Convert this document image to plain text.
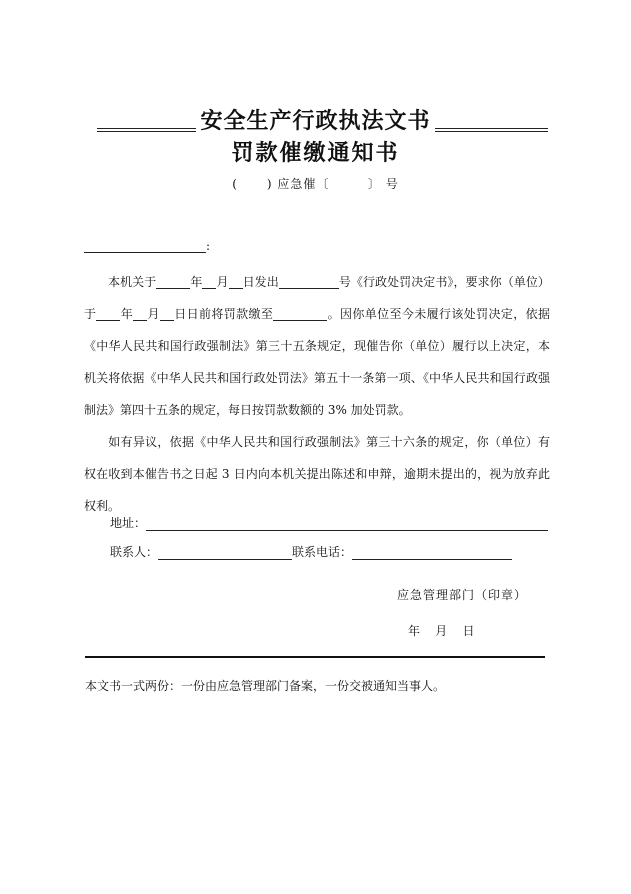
安全生产行政执法文书
罚款催缴通知书
(      ) 应急催〔        〕 号
:
本机关于	年 月 日发出	号《行政处罚决定书》，要求你（单位）于 年 月 日日前将罚款缴至	。因你单位至今未履行该处罚决定，依据《中华人民共和国行政强制法》第三十五条规定，现催告你（单位）履行以上决定，本机关将依据《中华人民共和国行政处罚法》第五十一条第一项、《中华人民共和国行政强制法》第四十五条的规定，每日按罚款数额的 3% 加处罚款。
如有异议，依据《中华人民共和国行政强制法》第三十六条的规定，你（单位）有权在收到本催告书之日起 3 日内向本机关提出陈述和申辩，逾期未提出的，视为放弃此权利。
地址：
联系人：	联系电话：
应急管理部门（印章）
年    月    日
本文书一式两份：一份由应急管理部门备案，一份交被通知当事人。
